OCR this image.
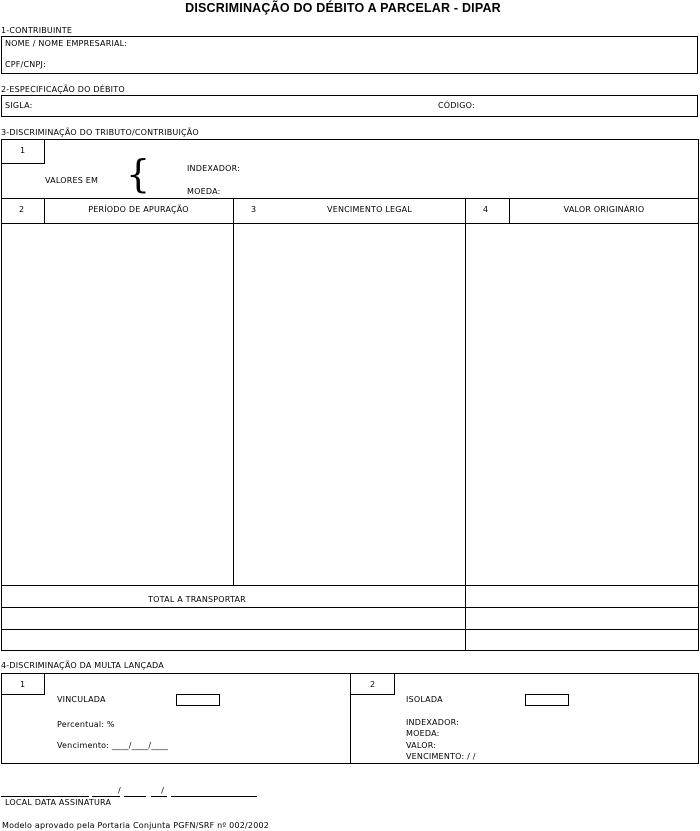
DISCRIMINAÇÃO DO DÉBITO A PARCELAR - DIPAR
1-CONTRIBUINTE
NOME / NOME EMPRESARIAL:
CPF/CNPJ:
2-ESPECIFICAÇÃO DO DÉBITO
SIGLA:	CÓDIGO:
3-DISCRIMINAÇÃO DO TRIBUTO/CONTRIBUIÇÃO
1
VALORES EM {	INDEXADOR:
MOEDA:
2	PERÍODO DE APURAÇÃO	3	VENCIMENTO LEGAL	4	VALOR ORIGINÁRIO
TOTAL A TRANSPORTAR
4-DISCRIMINAÇÃO DA MULTA LANÇADA
1
VINCULADA
Percentual: %
Vencimento: ____/____/____
2
ISOLADA
INDEXADOR:
MOEDA:
VALOR:
VENCIMENTO: / /
/ /
LOCAL DATA ASSINATURA
Modelo aprovado pela Portaria Conjunta PGFN/SRF nº 002/2002
